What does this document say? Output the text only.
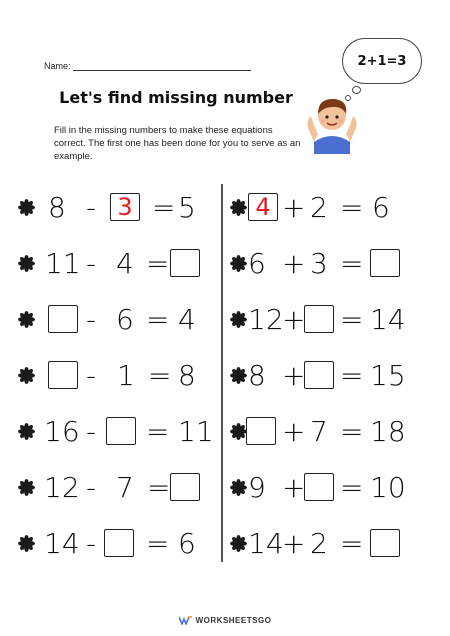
Name:
Let's find missing number
Fill in the missing numbers to make these equations correct. The first one has been done for you to serve as an example.
2+1=3
8 - 3 = 5
11 - 4 =
- 6 = 4
- 1 = 8
16 - = 11
12 - 7 =
14 - = 6
4 + 2 = 6
6 + 3 =
12
+ = 14
8 + = 15
+ 7 = 18
9 + = 10
14
+ 2 =
WORKSHEETSGO
